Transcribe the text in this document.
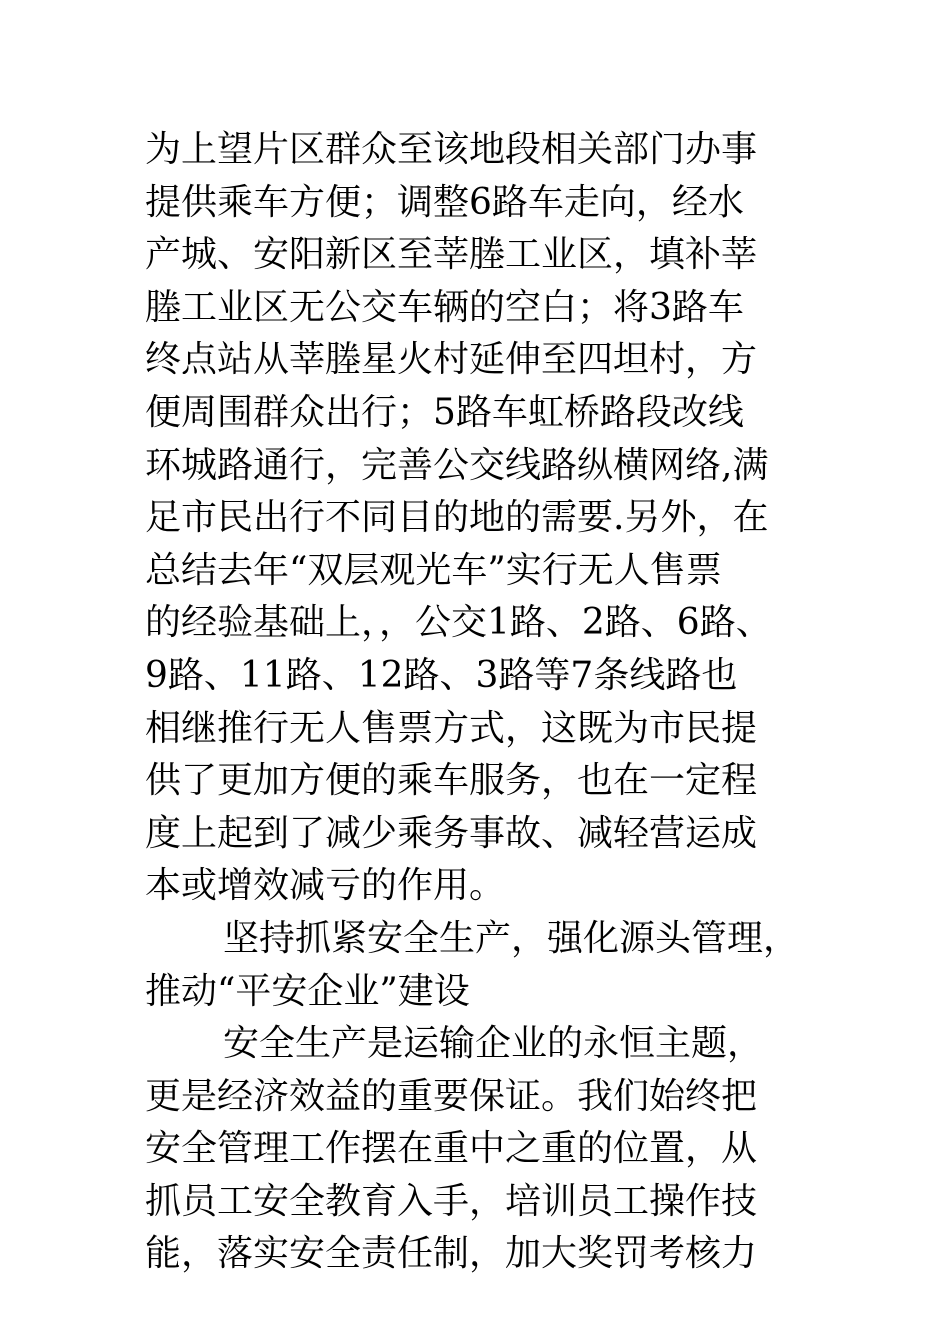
为上望片区群众至该地段相关部门办事
提供乘车方便；调整6路车走向，经水
产城、安阳新区至莘塍工业区，填补莘
塍工业区无公交车辆的空白；将3路车
终点站从莘塍星火村延伸至四坦村，方
便周围群众出行；5路车虹桥路段改线
环城路通行，完善公交线路纵横网络,满
足市民出行不同目的地的需要.另外，在
总结去年“双层观光车”实行无人售票
的经验基础上，，公交1路、2路、6路、
9路、11路、12路、3路等7条线路也
相继推行无人售票方式，这既为市民提
供了更加方便的乘车服务，也在一定程
度上起到了减少乘务事故、减轻营运成
本或增效减亏的作用。
坚持抓紧安全生产，强化源头管理，
推动“平安企业”建设
安全生产是运输企业的永恒主题，
更是经济效益的重要保证。我们始终把
安全管理工作摆在重中之重的位置，从
抓员工安全教育入手，培训员工操作技
能，落实安全责任制，加大奖罚考核力
